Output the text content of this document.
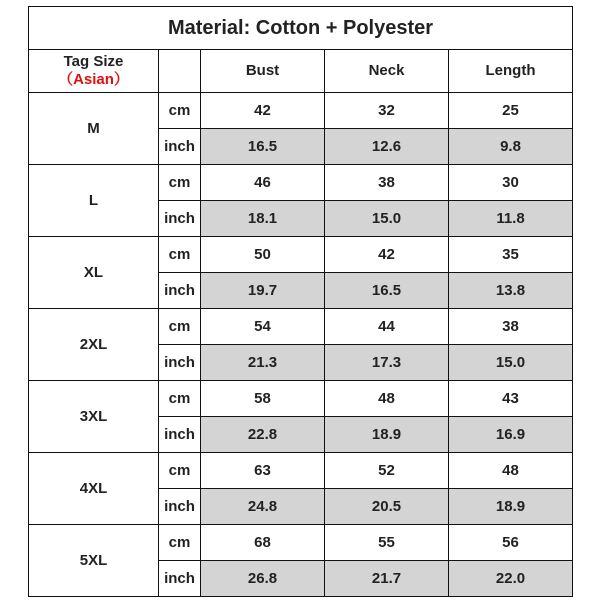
Material: Cotton + Polyester				
Tag Size
（Asian）		Bust	Neck	Length
M	cm	42	32	25
	inch	16.5	12.6	9.8
L	cm	46	38	30
	inch	18.1	15.0	11.8
XL	cm	50	42	35
	inch	19.7	16.5	13.8
2XL	cm	54	44	38
	inch	21.3	17.3	15.0
3XL	cm	58	48	43
	inch	22.8	18.9	16.9
4XL	cm	63	52	48
	inch	24.8	20.5	18.9
5XL	cm	68	55	56
	inch	26.8	21.7	22.0
